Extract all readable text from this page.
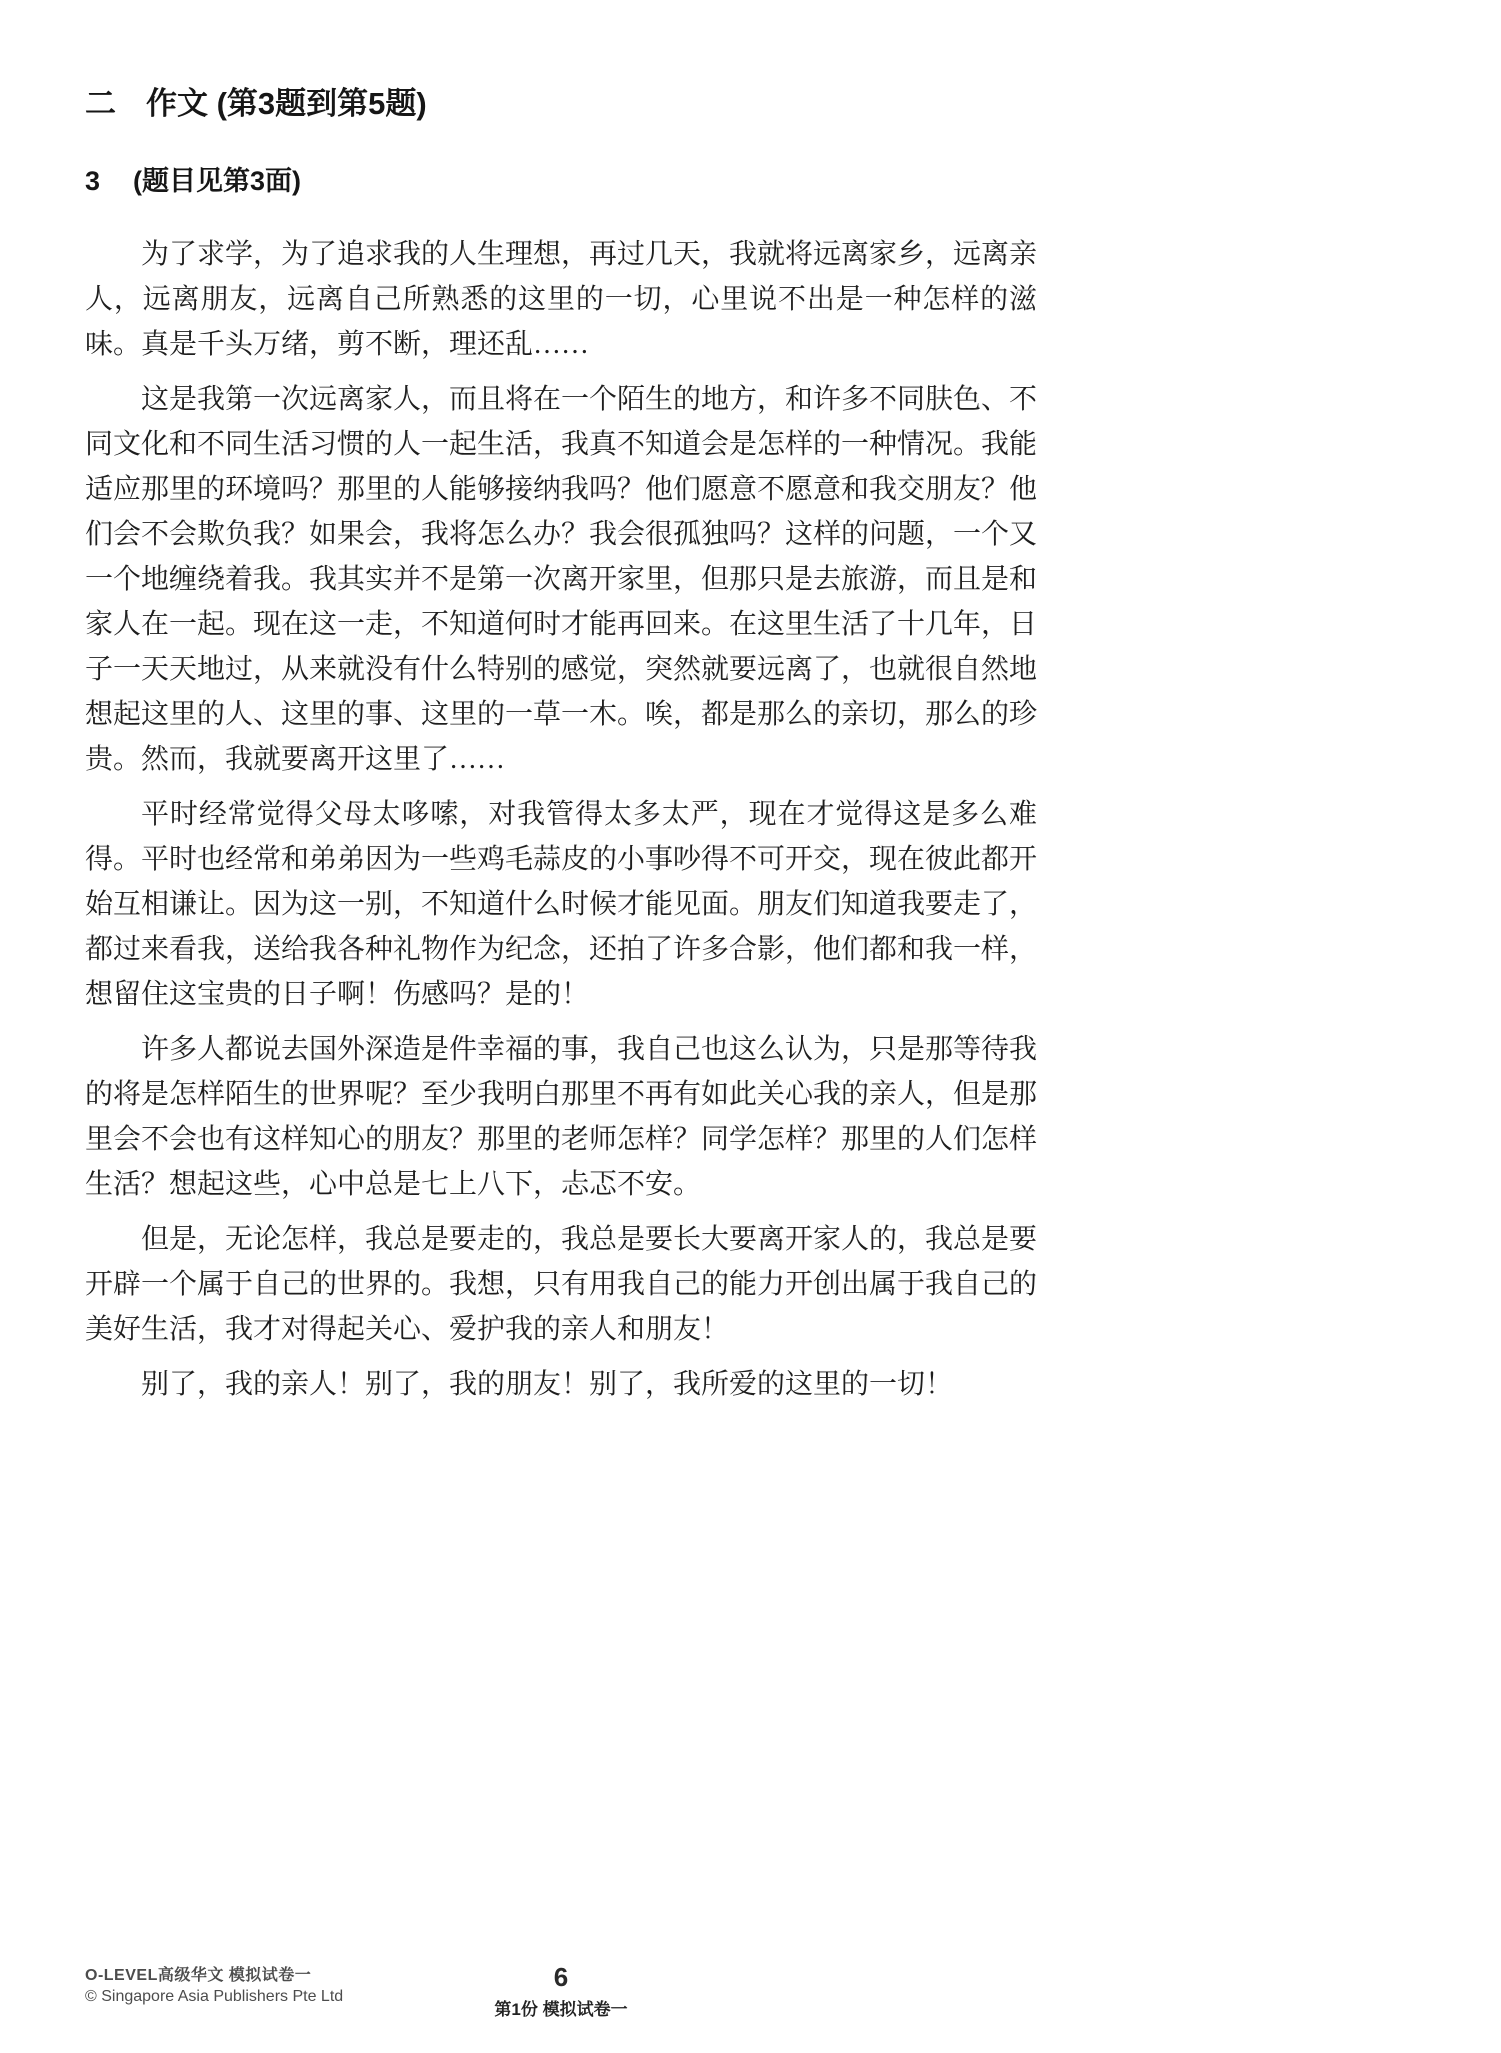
二 作文 (第3题到第5题)
3	(题目见第3面)

为了求学，为了追求我的人生理想，再过几天，我就将远离家乡，远离亲人，远离朋友，远离自己所熟悉的这里的一切，心里说不出是一种怎样的滋味。真是千头万绪，剪不断，理还乱……

这是我第一次远离家人，而且将在一个陌生的地方，和许多不同肤色、不同文化和不同生活习惯的人一起生活，我真不知道会是怎样的一种情况。我能适应那里的环境吗？那里的人能够接纳我吗？他们愿意不愿意和我交朋友？他们会不会欺负我？如果会，我将怎么办？我会很孤独吗？这样的问题，一个又一个地缠绕着我。我其实并不是第一次离开家里，但那只是去旅游，而且是和家人在一起。现在这一走，不知道何时才能再回来。在这里生活了十几年，日子一天天地过，从来就没有什么特别的感觉，突然就要远离了，也就很自然地想起这里的人、这里的事、这里的一草一木。唉，都是那么的亲切，那么的珍贵。然而，我就要离开这里了……

平时经常觉得父母太哆嗦，对我管得太多太严，现在才觉得这是多么难得。平时也经常和弟弟因为一些鸡毛蒜皮的小事吵得不可开交，现在彼此都开始互相谦让。因为这一别，不知道什么时候才能见面。朋友们知道我要走了，都过来看我，送给我各种礼物作为纪念，还拍了许多合影，他们都和我一样，想留住这宝贵的日子啊！伤感吗？是的！

许多人都说去国外深造是件幸福的事，我自己也这么认为，只是那等待我的将是怎样陌生的世界呢？至少我明白那里不再有如此关心我的亲人，但是那里会不会也有这样知心的朋友？那里的老师怎样？同学怎样？那里的人们怎样生活？想起这些，心中总是七上八下，忐忑不安。

但是，无论怎样，我总是要走的，我总是要长大要离开家人的，我总是要开辟一个属于自己的世界的。我想，只有用我自己的能力开创出属于我自己的美好生活，我才对得起关心、爱护我的亲人和朋友！

别了，我的亲人！别了，我的朋友！别了，我所爱的这里的一切！

O-LEVEL高级华文 模拟试卷一
© Singapore Asia Publishers Pte Ltd
6
第1份 模拟试卷一
